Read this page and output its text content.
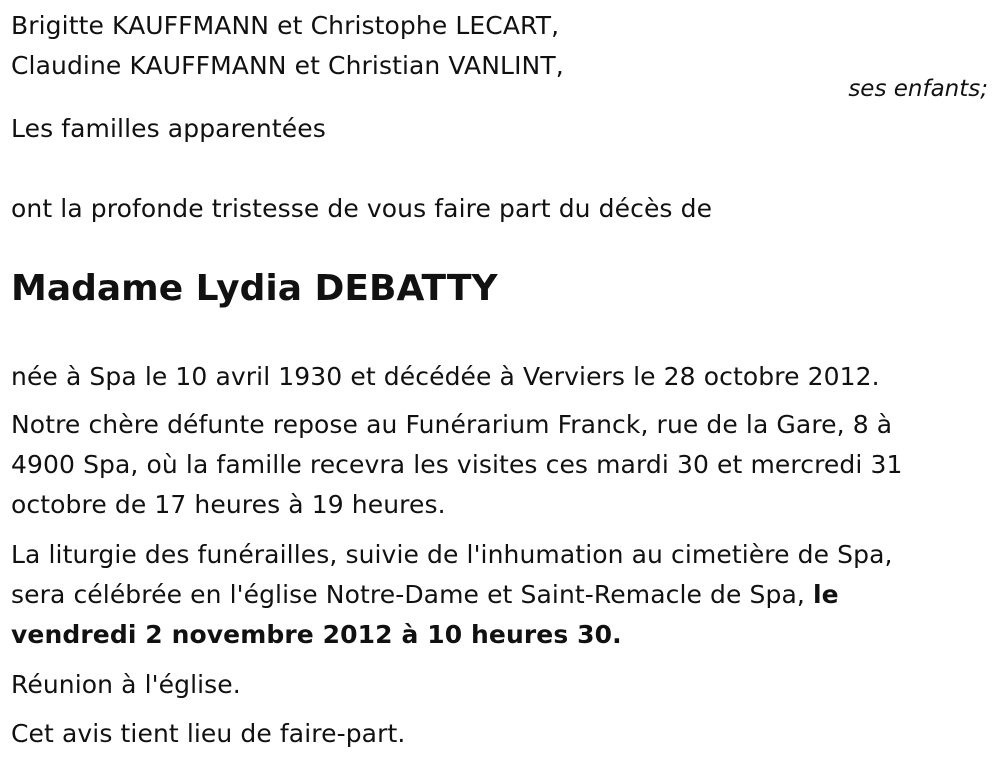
Brigitte KAUFFMANN et Christophe LECART,
Claudine KAUFFMANN et Christian VANLINT,
ses enfants;
Les familles apparentées
ont la profonde tristesse de vous faire part du décès de
Madame Lydia DEBATTY
née à Spa le 10 avril 1930 et décédée à Verviers le 28 octobre 2012.
Notre chère défunte repose au Funérarium Franck, rue de la Gare, 8 à
4900 Spa, où la famille recevra les visites ces mardi 30 et mercredi 31
octobre de 17 heures à 19 heures.
La liturgie des funérailles, suivie de l'inhumation au cimetière de Spa,
sera célébrée en l'église Notre-Dame et Saint-Remacle de Spa, le
vendredi 2 novembre 2012 à 10 heures 30.
Réunion à l'église.
Cet avis tient lieu de faire-part.
